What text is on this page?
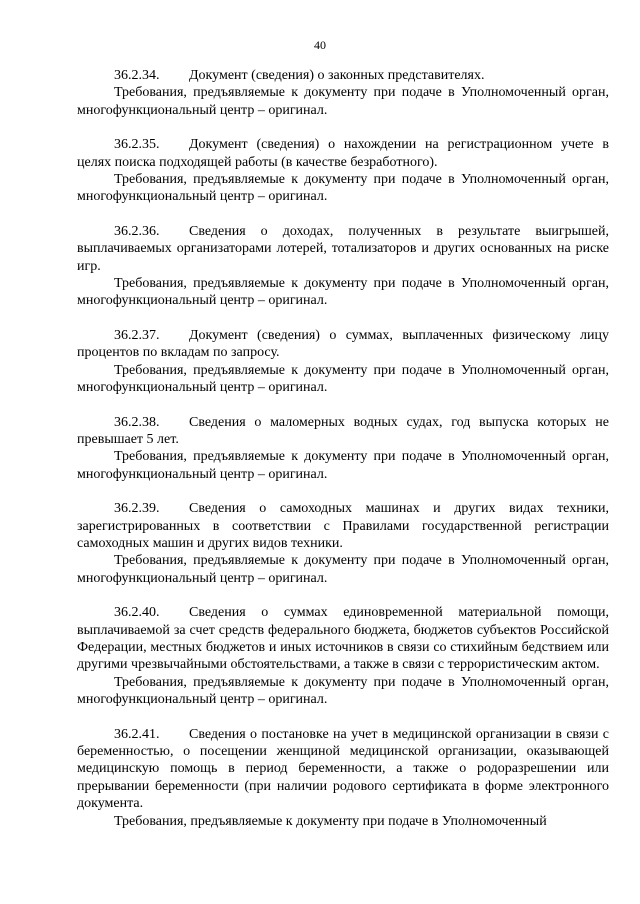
40

36.2.34. Документ (сведения) о законных представителях.

Требования, предъявляемые к документу при подаче в Уполномоченный орган, многофункциональный центр – оригинал.

36.2.35. Документ (сведения) о нахождении на регистрационном учете в целях поиска подходящей работы (в качестве безработного).

Требования, предъявляемые к документу при подаче в Уполномоченный орган, многофункциональный центр – оригинал.

36.2.36. Сведения о доходах, полученных в результате выигрышей, выплачиваемых организаторами лотерей, тотализаторов и других основанных на риске игр.

Требования, предъявляемые к документу при подаче в Уполномоченный орган, многофункциональный центр – оригинал.

36.2.37. Документ (сведения) о суммах, выплаченных физическому лицу процентов по вкладам по запросу.

Требования, предъявляемые к документу при подаче в Уполномоченный орган, многофункциональный центр – оригинал.

36.2.38. Сведения о маломерных водных судах, год выпуска которых не превышает 5 лет.

Требования, предъявляемые к документу при подаче в Уполномоченный орган, многофункциональный центр – оригинал.

36.2.39. Сведения о самоходных машинах и других видах техники, зарегистрированных в соответствии с Правилами государственной регистрации самоходных машин и других видов техники.

Требования, предъявляемые к документу при подаче в Уполномоченный орган, многофункциональный центр – оригинал.

36.2.40. Сведения о суммах единовременной материальной помощи, выплачиваемой за счет средств федерального бюджета, бюджетов субъектов Российской Федерации, местных бюджетов и иных источников в связи со стихийным бедствием или другими чрезвычайными обстоятельствами, а также в связи с террористическим актом.

Требования, предъявляемые к документу при подаче в Уполномоченный орган, многофункциональный центр – оригинал.

36.2.41. Сведения о постановке на учет в медицинской организации в связи с беременностью, о посещении женщиной медицинской организации, оказывающей медицинскую помощь в период беременности, а также о родоразрешении или прерывании беременности (при наличии родового сертификата в форме электронного документа.

Требования, предъявляемые к документу при подаче в Уполномоченный
